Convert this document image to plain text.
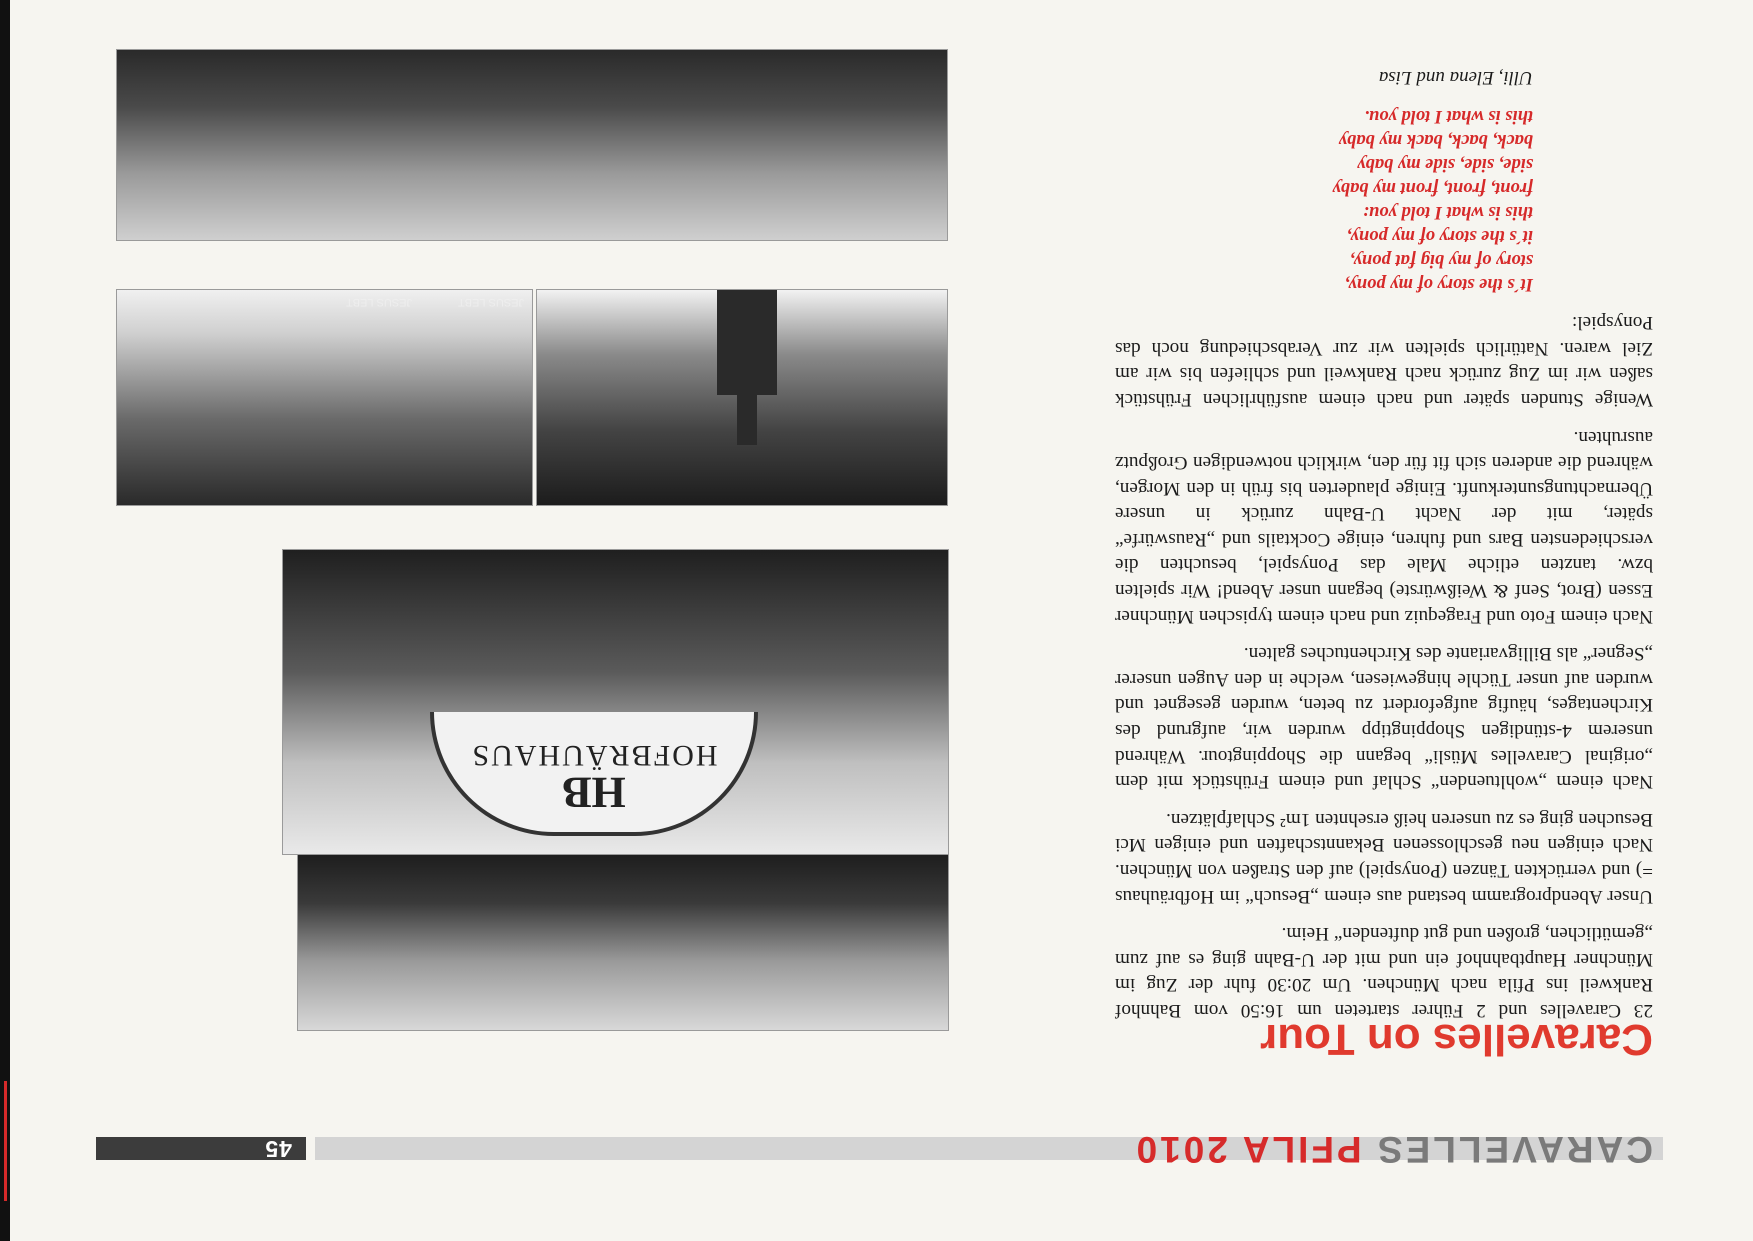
CARAVELLES PFILA 2010
45
Caravelles on Tour

23 Caravelles und 2 Führer starteten um 16:50 vom Bahnhof Rankweil ins Pfila nach München. Um 20:30 fuhr der Zug im Münchner Hauptbahnhof ein und mit der U-Bahn ging es auf zum „gemütlichen, großen und gut duftenden“ Heim.

Unser Abendprogramm bestand aus einem „Besuch“ im Hofbräuhaus =) und verrückten Tänzen (Ponyspiel) auf den Straßen von München. Nach einigen neu geschlossenen Bekanntschaften und einigen Mci Besuchen ging es zu unseren heiß ersehnten 1m² Schlafplätzen.

Nach einem „wohltuenden“ Schlaf und einem Frühstück mit dem „original Caravelles Müsli“ begann die Shoppingtour. Während unserem 4-stündigen Shoppingtipp wurden wir, aufgrund des Kirchentages, häufig aufgefordert zu beten, wurden gesegnet und wurden auf unser Tüchle hingewiesen, welche in den Augen unserer „Segner“ als Billigvariante des Kirchentuches galten.

Nach einem Foto und Fragequiz und nach einem typischen Münchner Essen (Brot, Senf & Weißwürste) begann unser Abend! Wir spielten bzw. tanzten etliche Male das Ponyspiel, besuchten die verschiedensten Bars und fuhren, einige Cocktails und „Rauswürfe“ später, mit der Nacht U-Bahn zurück in unsere Übernachtungsunterkunft. Einige plauderten bis früh in den Morgen, während die anderen sich fit für den, wirklich notwendigen Großputz ausruhten.

Wenige Stunden später und nach einem ausführlichen Frühstück saßen wir im Zug zurück nach Rankweil und schliefen bis wir am Ziel waren. Natürlich spielten wir zur Verabschiedung noch das Ponyspiel:

It´s the story of my pony,
story of my big fat pony,
it´s the story of my pony,
this is what I told you:
front, front, front my baby
side, side, side my baby
back, back, back my baby
this is what I told you.
Ulli, Elena und Lisa
HB
HOFBRÄUHAUS
JESUS LEBT
JESUS LEBT
